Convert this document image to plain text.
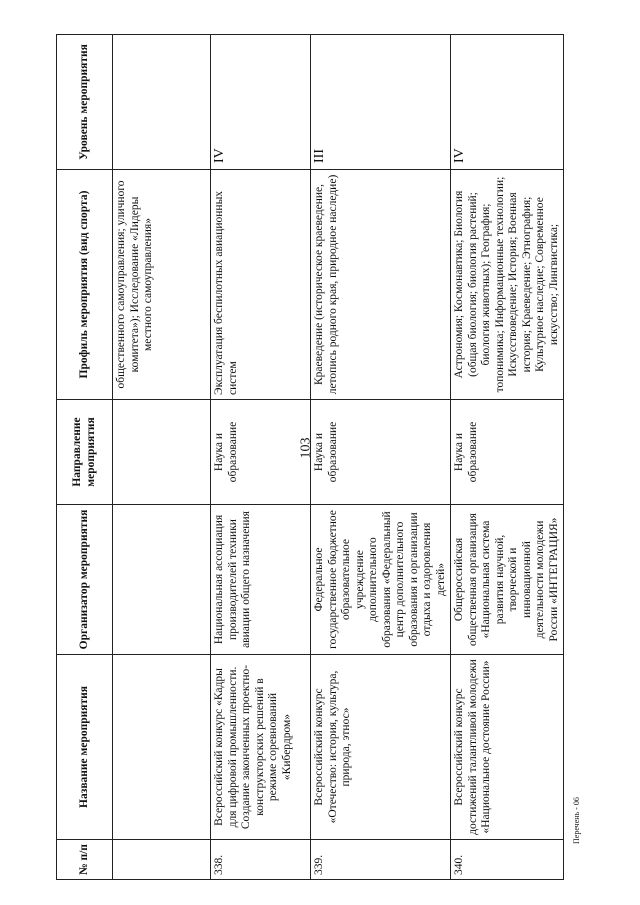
103
№ п/п	Название мероприятия	Организатор мероприятия	Направление мероприятия	Профиль мероприятия (вид спорта)	Уровень мероприятия
				общественного самоуправления; уличного комитета»); Исследование «Лидеры местного самоуправления»	
338.	Всероссийский конкурс «Кадры для цифровой промышленности. Создание законченных проектно-конструкторских решений в режиме соревнований «Кибердром»	Национальная ассоциация производителей техники авиации общего назначения	Наука и образование	Эксплуатация беспилотных авиационных систем	IV
339.	Всероссийский конкурс «Отечество: история, культура, природа, этнос»	Федеральное государственное бюджетное образовательное учреждение дополнительного образования «Федеральный центр дополнительного образования и организации отдыха и оздоровления детей»	Наука и образование	Краеведение (историческое краеведение, летопись родного края, природное наследие)	III
340.	Всероссийский конкурс достижений талантливой молодежи «Национальное достояние России»	Общероссийская общественная организация «Национальная система развития научной, творческой и инновационной деятельности молодежи России «ИНТЕГРАЦИЯ»	Наука и образование	Астрономия; Космонавтика; Биология (общая биология; биология растений; биология животных); География; топонимика; Информационные технологии; Искусствоведение; История; Военная история; Краеведение; Этнография; Культурное наследие; Современное искусство; Лингвистика;	IV
Перечень - 06
